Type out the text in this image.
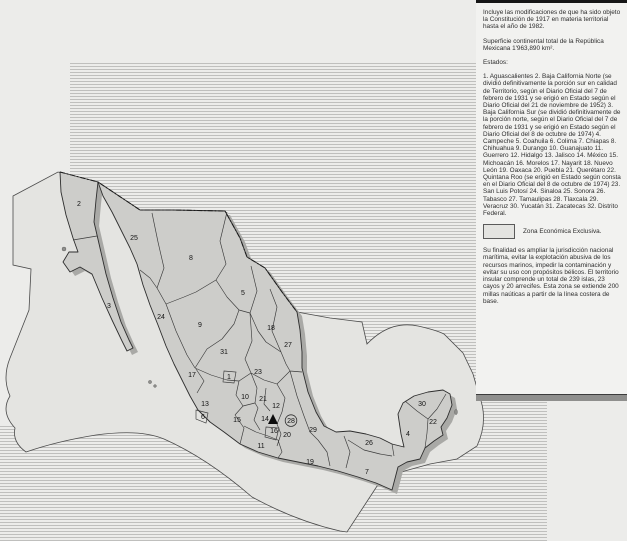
1
2
3
4
5
6
7
8
9
10
11
12
13
14
15
16
17
18
19
20
21
22
23
24
25
26
27
28
29
30
31

Incluye las modificaciones de que ha sido objeto la Constitución de 1917 en materia territorial hasta el año de 1982.

Superficie continental total de la República Mexicana 1'963,890 km².

Estados:

1. Aguascalientes 2. Baja California Norte (se dividió definitivamente la porción sur en calidad de Territorio, según el Diario Oficial del 7 de febrero de 1931 y se erigió en Estado según el Diario Oficial del 21 de noviembre de 1952) 3. Baja California Sur (se dividió definitivamente de la porción norte, según el Diario Oficial del 7 de febrero de 1931 y se erigió en Estado según el Diario Oficial del 8 de octubre de 1974) 4. Campeche 5. Coahuila 6. Colima 7. Chiapas 8. Chihuahua 9. Durango 10. Guanajuato 11. Guerrero 12. Hidalgo 13. Jalisco 14. México 15. Michoacán 16. Morelos 17. Nayarit 18. Nuevo León 19. Oaxaca 20. Puebla 21. Querétaro 22. Quintana Roo (se erigió en Estado según consta en el Diario Oficial del 8 de octubre de 1974) 23. San Luis Potosí 24. Sinaloa 25. Sonora 26. Tabasco 27. Tamaulipas 28. Tlaxcala 29. Veracruz 30. Yucatán 31. Zacatecas 32. Distrito Federal.

Zona Económica Exclusiva.

Su finalidad es ampliar la jurisdicción nacional marítima, evitar la explotación abusiva de los recursos marinos, impedir la contaminación y evitar su uso con propósitos bélicos. El territorio insular comprende un total de 239 islas, 23 cayos y 20 arrecifes. Esta zona se extiende 200 millas naúticas a partir de la línea costera de base.
